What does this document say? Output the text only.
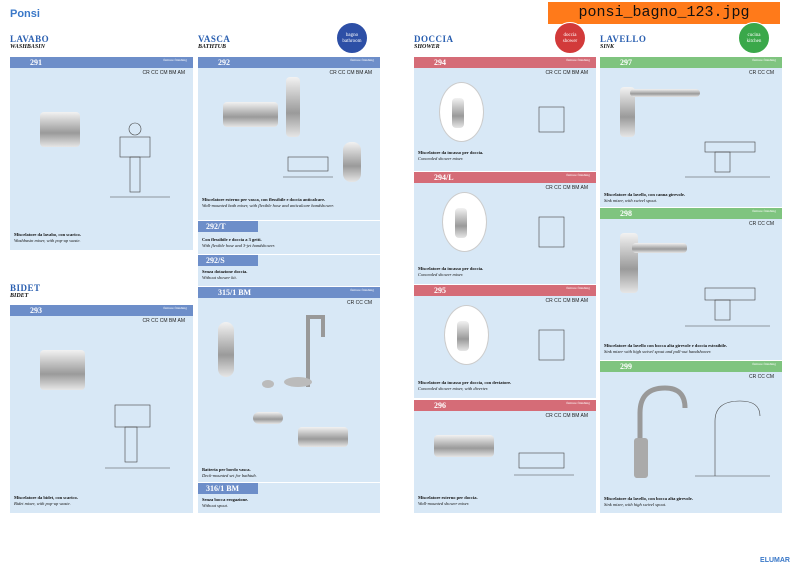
Ponsi	ponsi_bagno_123.jpg
LAVABO
WASHBASIN
VASCA
BATHTUB
BIDET
BIDET
DOCCIA
SHOWER
LAVELLO
SINK
bagno
bathroom
doccia
shower
cucina
kitchen
291	finiture finishing
CR CC CM BM AM
Miscelatore da lavabo, con scarico.
Washbasin mixer, with pop-up waste.
293	finiture finishing
CR CC CM BM AM
Miscelatore da bidet, con scarico.
Bidet mixer, with pop-up waste.
292	finiture finishing
CR CC CM BM AM
Miscelatore esterno per vasca, con flessibile e doccia anticalcare.
Wall-mounted bath mixer, with flexible hose and anticalcare handshower.
292/T
Con flessibile e doccia a 3 getti.
With flexible hose and 3-jet handshower.
292/S
Senza dotazione doccia.
Without shower kit.
315/1 BM	finiture finishing
CR CC CM
Batteria per bordo vasca.
Deck-mounted set for bathtub.
316/1 BM
Senza bocca erogazione.
Without spout.
294	finiture finishing
CR CC CM BM AM
Miscelatore da incasso per doccia.
Concealed shower mixer.
294/L	finiture finishing
CR CC CM BM AM
Miscelatore da incasso per doccia.
Concealed shower mixer.
295	finiture finishing
CR CC CM BM AM
Miscelatore da incasso per doccia, con deviatore.
Concealed shower mixer, with diverter.
296	finiture finishing
CR CC CM BM AM
Miscelatore esterno per doccia.
Wall-mounted shower mixer.
297	finiture finishing
CR CC CM
Miscelatore da lavello, con canna girevole.
Sink mixer, with swivel spout.
298	finiture finishing
CR CC CM
Miscelatore da lavello con bocca alta girevole e doccia estraibile.
Sink mixer with high swivel spout and pull-out handshower.
299	finiture finishing
CR CC CM
Miscelatore da lavello, con bocca alta girevole.
Sink mixer, with high swivel spout.
ELUMAR
